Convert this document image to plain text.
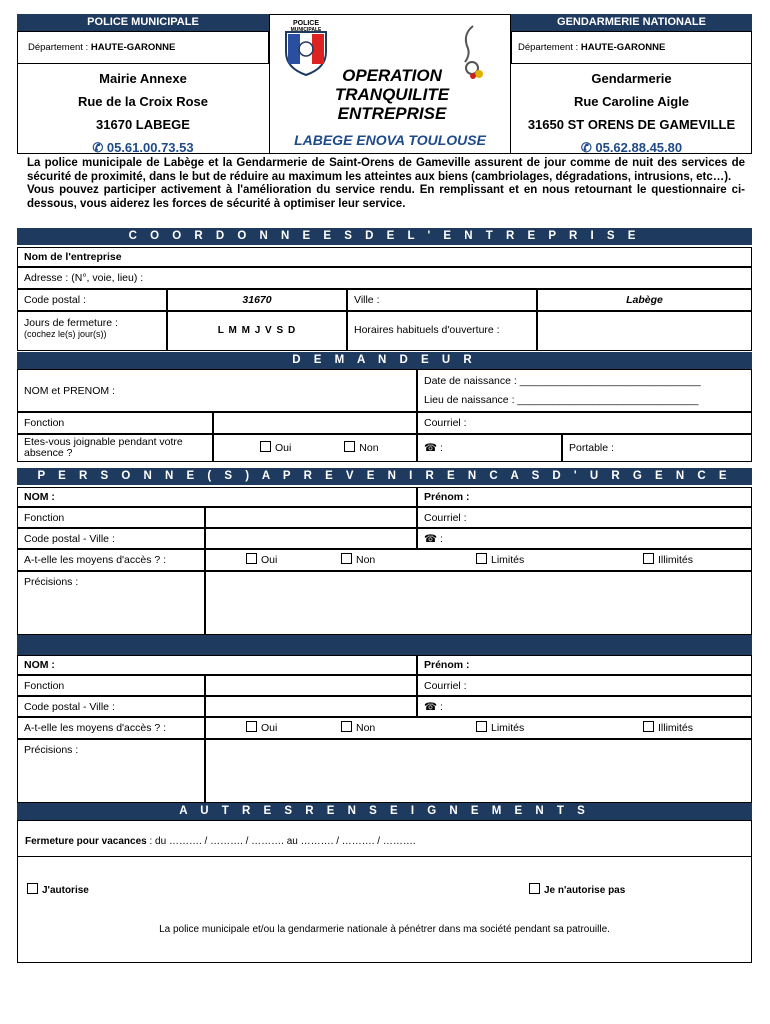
POLICE MUNICIPALE
Département : HAUTE-GARONNE
Mairie Annexe
Rue de la Croix Rose
31670 LABEGE
✆ 05.61.00.73.53
POLICE
MUNICIPALE
OPERATION
TRANQUILITE
ENTREPRISE
LABEGE ENOVA TOULOUSE
GENDARMERIE NATIONALE
Département : HAUTE-GARONNE
Gendarmerie
Rue Caroline Aigle
31650 ST ORENS DE GAMEVILLE
✆ 05.62.88.45.80
La police municipale de Labège et la Gendarmerie de Saint-Orens de Gameville assurent de jour comme de nuit des services de sécurité de proximité, dans le but de réduire au maximum les atteintes aux biens (cambriolages, dégradations, intrusions, etc…).
Vous pouvez participer activement à l'amélioration du service rendu. En remplissant et en nous retournant le questionnaire ci-dessous, vous aiderez les forces de sécurité à optimiser leur service.
C O O R D O N N E E S D E L ' E N T R E P R I S E
Nom de l'entreprise
Adresse : (N°, voie, lieu) :
Code postal :	31670	Ville :	Labège
Jours de fermeture :
(cochez le(s) jour(s))	L M M J V S D	Horaires habituels d'ouverture :
D E M A N D E U R
NOM et PRENOM :
Date de naissance : _______________________________
Lieu de naissance : _______________________________
Fonction	Courriel :
Etes-vous joignable pendant votre absence ?	Oui	Non	☎ :	Portable :
P E R S O N N E ( S ) A P R E V E N I R E N C A S D ' U R G E N C E
NOM :	Prénom :
Fonction	Courriel :
Code postal - Ville :	☎ :
A-t-elle les moyens d'accès ? :	Oui	Non	Limités	Illimités
Précisions :
NOM :	Prénom :
Fonction	Courriel :
Code postal - Ville :	☎ :
A-t-elle les moyens d'accès ? :	Oui	Non	Limités	Illimités
Précisions :
A U T R E S R E N S E I G N E M E N T S
Fermeture pour vacances : du ………. / ………. / ………. au ………. / ………. / ……….
J'autorise	Je n'autorise pas
La police municipale et/ou la gendarmerie nationale à pénétrer dans ma société pendant sa patrouille.
